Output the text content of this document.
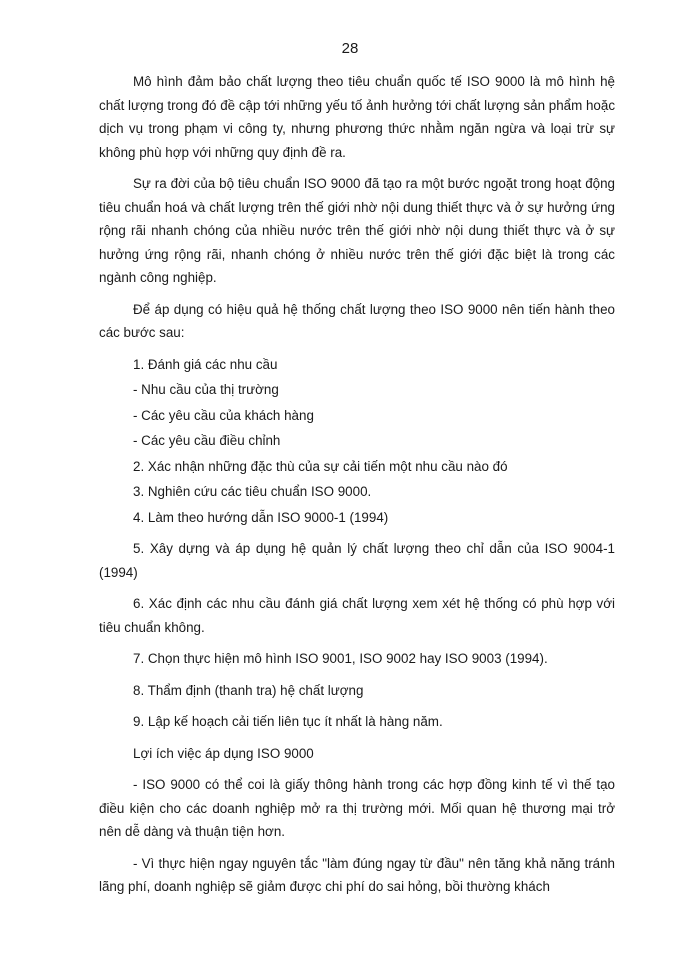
28

Mô hình đảm bảo chất lượng theo tiêu chuẩn quốc tế ISO 9000 là mô hình hệ chất lượng trong đó đề cập tới những yếu tố ảnh hưởng tới chất lượng sản phẩm hoặc dịch vụ trong phạm vi công ty, nhưng phương thức nhằm ngăn ngừa và loại trừ sự không phù hợp với những quy định đề ra.

Sự ra đời của bộ tiêu chuẩn ISO 9000 đã tạo ra một bước ngoặt trong hoạt động tiêu chuẩn hoá và chất lượng trên thế giới nhờ nội dung thiết thực và ở sự hưởng ứng rộng rãi nhanh chóng của nhiều nước trên thế giới nhờ nội dung thiết thực và ở sự hưởng ứng rộng rãi, nhanh chóng ở nhiều nước trên thế giới đặc biệt là trong các ngành công nghiệp.

Để áp dụng có hiệu quả hệ thống chất lượng theo ISO 9000 nên tiến hành theo các bước sau:

1. Đánh giá các nhu cầu

- Nhu cầu của thị trường

- Các yêu cầu của khách hàng

- Các yêu cầu điều chỉnh

2. Xác nhận những đặc thù của sự cải tiến một nhu cầu nào đó

3. Nghiên cứu các tiêu chuẩn ISO 9000.

4. Làm theo hướng dẫn ISO 9000-1 (1994)

5. Xây dựng và áp dụng hệ quản lý chất lượng theo chỉ dẫn của ISO 9004-1 (1994)

6. Xác định các nhu cầu đánh giá chất lượng xem xét hệ thống có phù hợp với tiêu chuẩn không.

7. Chọn thực hiện mô hình ISO 9001, ISO 9002 hay ISO 9003 (1994).

8. Thẩm định (thanh tra) hệ chất lượng

9. Lập kế hoạch cải tiến liên tục ít nhất là hàng năm.

Lợi ích việc áp dụng ISO 9000

- ISO 9000 có thể coi là giấy thông hành trong các hợp đồng kinh tế vì thế tạo điều kiện cho các doanh nghiệp mở ra thị trường mới. Mối quan hệ thương mại trở nên dễ dàng và thuận tiện hơn.

- Vì thực hiện ngay nguyên tắc "làm đúng ngay từ đầu" nên tăng khả năng tránh lãng phí, doanh nghiệp sẽ giảm được chi phí do sai hỏng, bồi thường khách
